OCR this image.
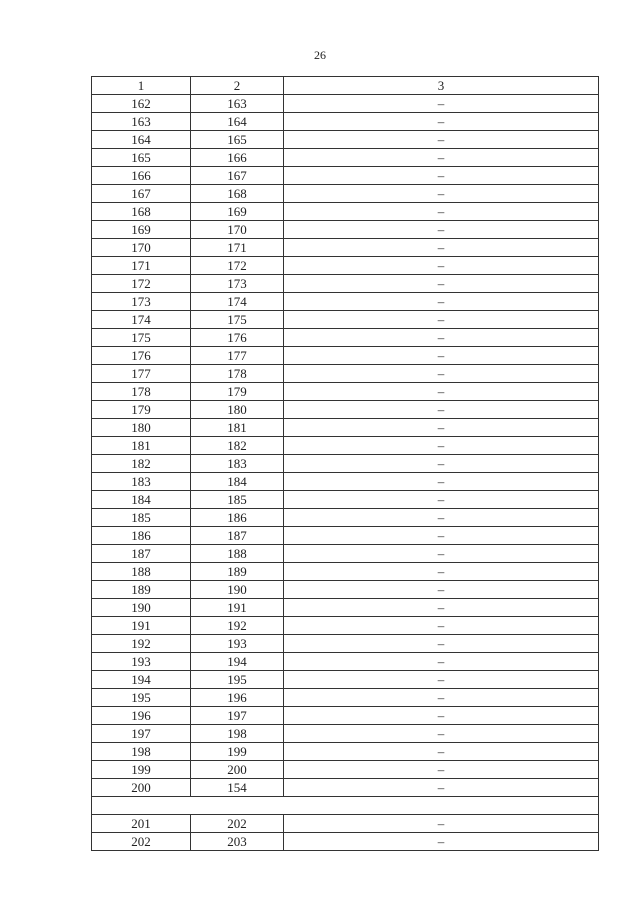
26
1	2	3
162	163	–
163	164	–
164	165	–
165	166	–
166	167	–
167	168	–
168	169	–
169	170	–
170	171	–
171	172	–
172	173	–
173	174	–
174	175	–
175	176	–
176	177	–
177	178	–
178	179	–
179	180	–
180	181	–
181	182	–
182	183	–
183	184	–
184	185	–
185	186	–
186	187	–
187	188	–
188	189	–
189	190	–
190	191	–
191	192	–
192	193	–
193	194	–
194	195	–
195	196	–
196	197	–
197	198	–
198	199	–
199	200	–
200	154	–

201	202	–
202	203	–
